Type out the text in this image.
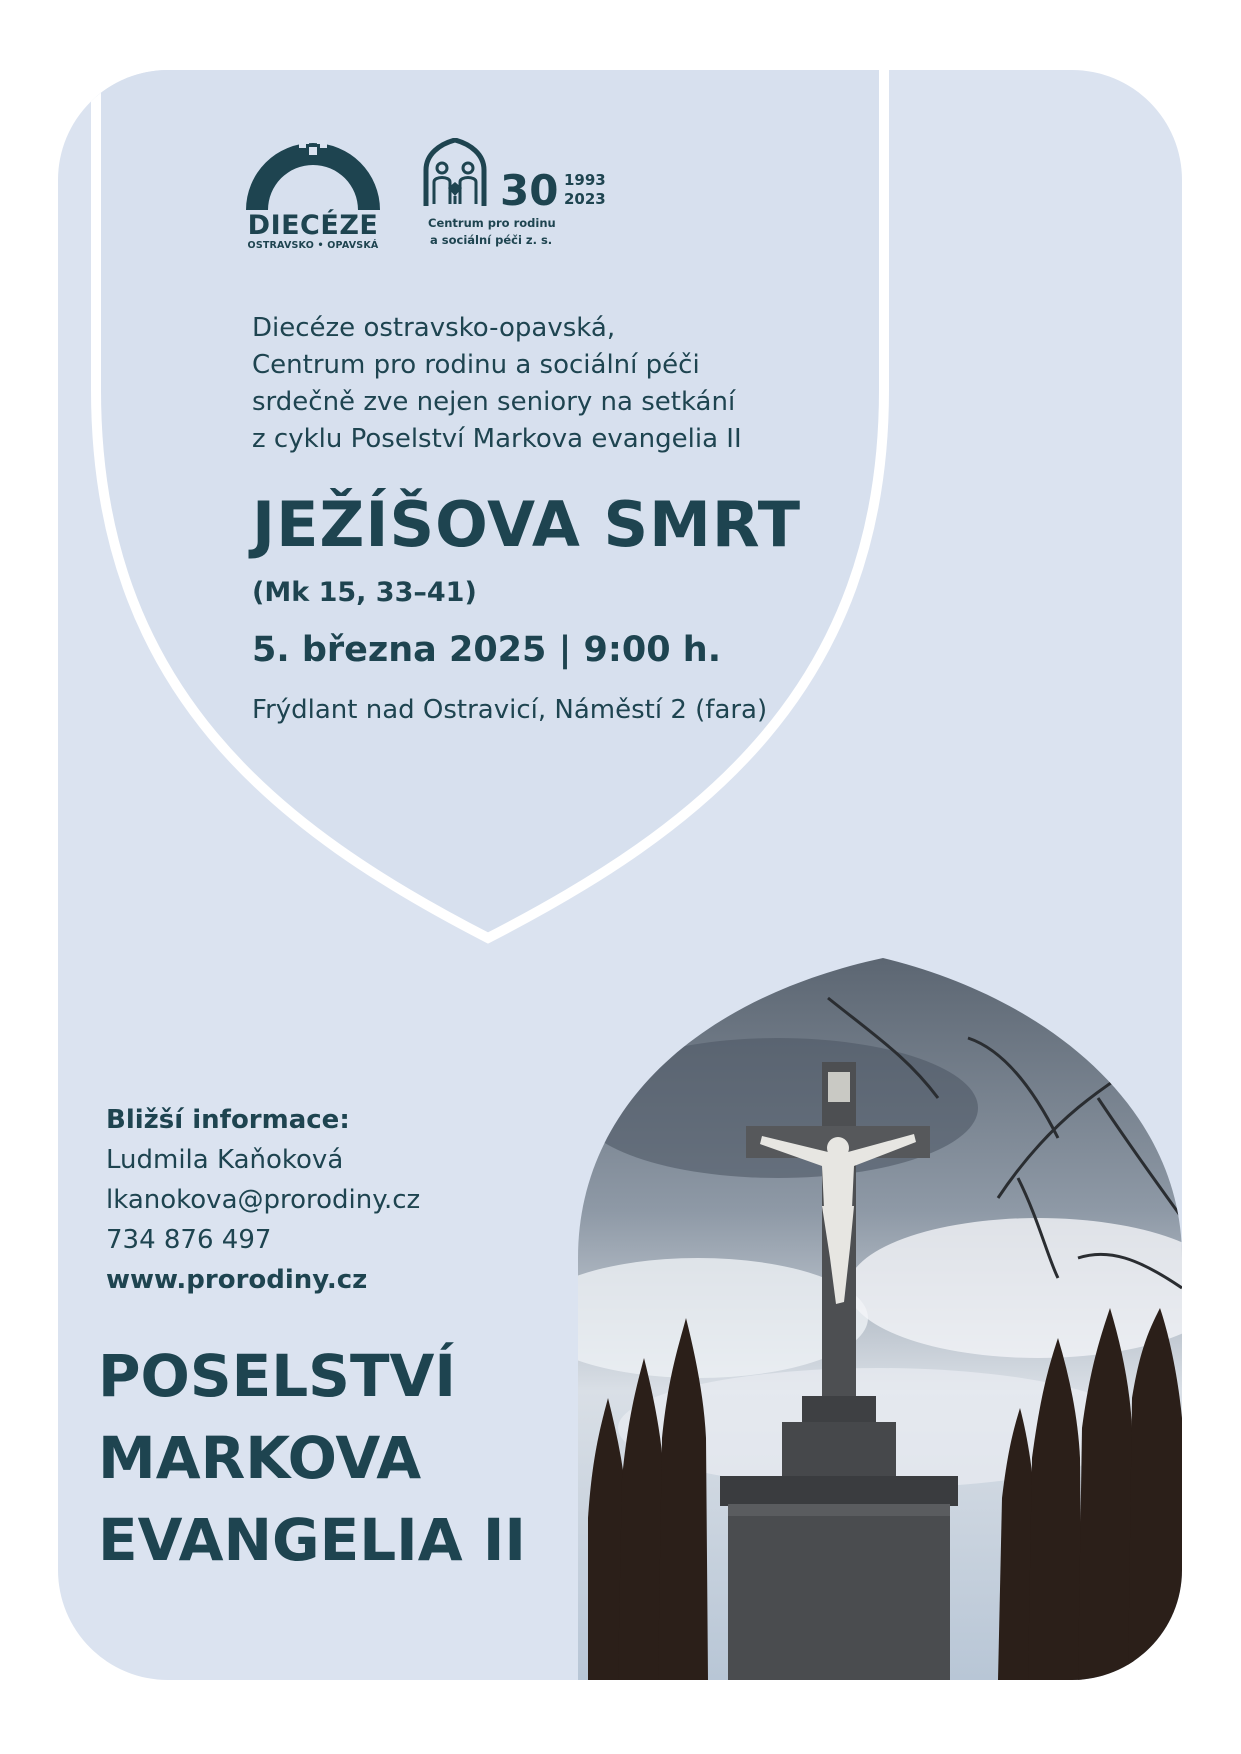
DIECÉZE
OSTRAVSKO • OPAVSKÁ
30 1993
2023
Centrum pro rodinu
a sociální péči z. s.
Diecéze ostravsko-opavská,
Centrum pro rodinu a sociální péči
srdečně zve nejen seniory na setkání
z cyklu Poselství Markova evangelia II
JEŽÍŠOVA SMRT
(Mk 15, 33–41)
5. března 2025 | 9:00 h.
Frýdlant nad Ostravicí, Náměstí 2 (fara)
Bližší informace:
Ludmila Kaňoková
lkanokova@prorodiny.cz
734 876 497
www.prorodiny.cz
POSELSTVÍ
MARKOVA
EVANGELIA II
